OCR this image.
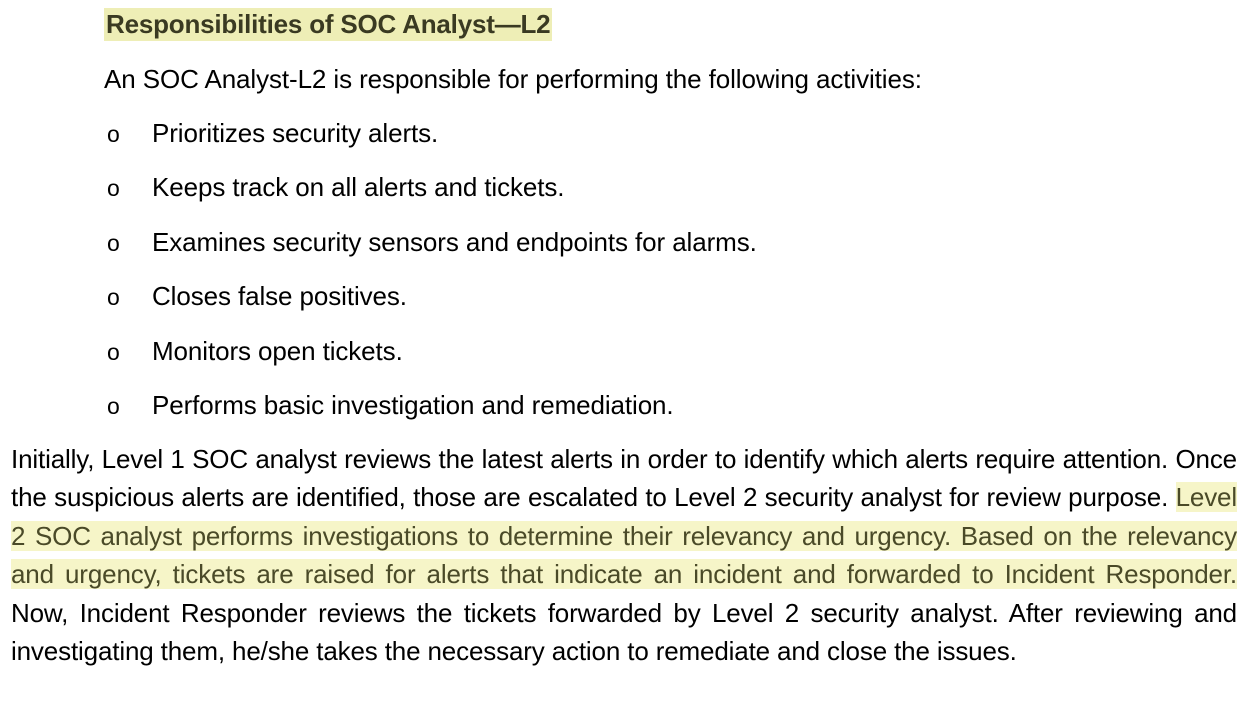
Responsibilities of SOC Analyst—L2
An SOC Analyst-L2 is responsible for performing the following activities:
o	Prioritizes security alerts.
o	Keeps track on all alerts and tickets.
o	Examines security sensors and endpoints for alarms.
o	Closes false positives.
o	Monitors open tickets.
o	Performs basic investigation and remediation.

Initially, Level 1 SOC analyst reviews the latest alerts in order to identify which alerts require attention. Once the suspicious alerts are identified, those are escalated to Level 2 security analyst for review purpose. Level 2 SOC analyst performs investigations to determine their relevancy and urgency. Based on the relevancy and urgency, tickets are raised for alerts that indicate an incident and forwarded to Incident Responder. Now, Incident Responder reviews the tickets forwarded by Level 2 security analyst. After reviewing and investigating them, he/she takes the necessary action to remediate and close the issues.
